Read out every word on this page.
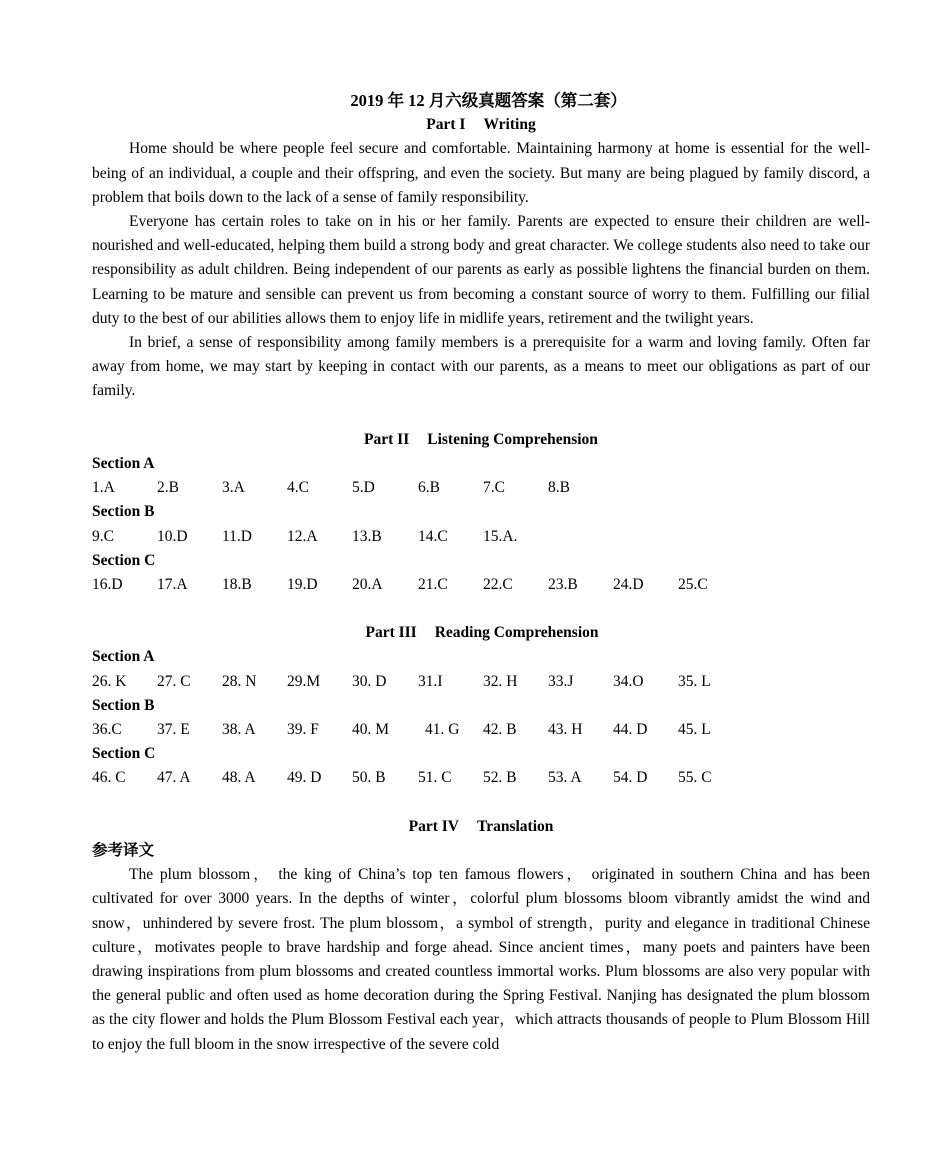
2019 年 12 月六级真题答案（第二套）
Part I Writing

Home should be where people feel secure and comfortable. Maintaining harmony at home is essential for the well-being of an individual, a couple and their offspring, and even the society. But many are being plagued by family discord, a problem that boils down to the lack of a sense of family responsibility.

Everyone has certain roles to take on in his or her family. Parents are expected to ensure their children are well-nourished and well-educated, helping them build a strong body and great character. We college students also need to take our responsibility as adult children. Being independent of our parents as early as possible lightens the financial burden on them. Learning to be mature and sensible can prevent us from becoming a constant source of worry to them. Fulfilling our filial duty to the best of our abilities allows them to enjoy life in midlife years, retirement and the twilight years.

In brief, a sense of responsibility among family members is a prerequisite for a warm and loving family. Often far away from home, we may start by keeping in contact with our parents, as a means to meet our obligations as part of our family.

Part II Listening Comprehension
Section A
1.A	2.B	3.A	4.C	5.D	6.B	7.C	8.B
Section B
9.C	10.D 11.D 12.A 13.B 14.C 15.A.
Section C
16.D 17.A 18.B 19.D 20.A 21.C 22.C 23.B 24.D 25.C
Part III Reading Comprehension
Section A
26. K 27. C 28. N 29.M 30. D 31.I	32. H 33.J	34.O 35. L
Section B
36.C 37. E 38. A 39. F 40. M 41. G 42. B 43. H 44. D 45. L
Section C
46. C 47. A 48. A 49. D 50. B 51. C 52. B 53. A 54. D 55. C
Part IV Translation
参考译文

The plum blossom， the king of China’s top ten famous flowers， originated in southern China and has been cultivated for over 3000 years. In the depths of winter，colorful plum blossoms bloom vibrantly amidst the wind and snow，unhindered by severe frost. The plum blossom，a symbol of strength，purity and elegance in traditional Chinese culture，motivates people to brave hardship and forge ahead. Since ancient times，many poets and painters have been drawing inspirations from plum blossoms and created countless immortal works. Plum blossoms are also very popular with the general public and often used as home decoration during the Spring Festival. Nanjing has designated the plum blossom as the city flower and holds the Plum Blossom Festival each year，which attracts thousands of people to Plum Blossom Hill to enjoy the full bloom in the snow irrespective of the severe cold
